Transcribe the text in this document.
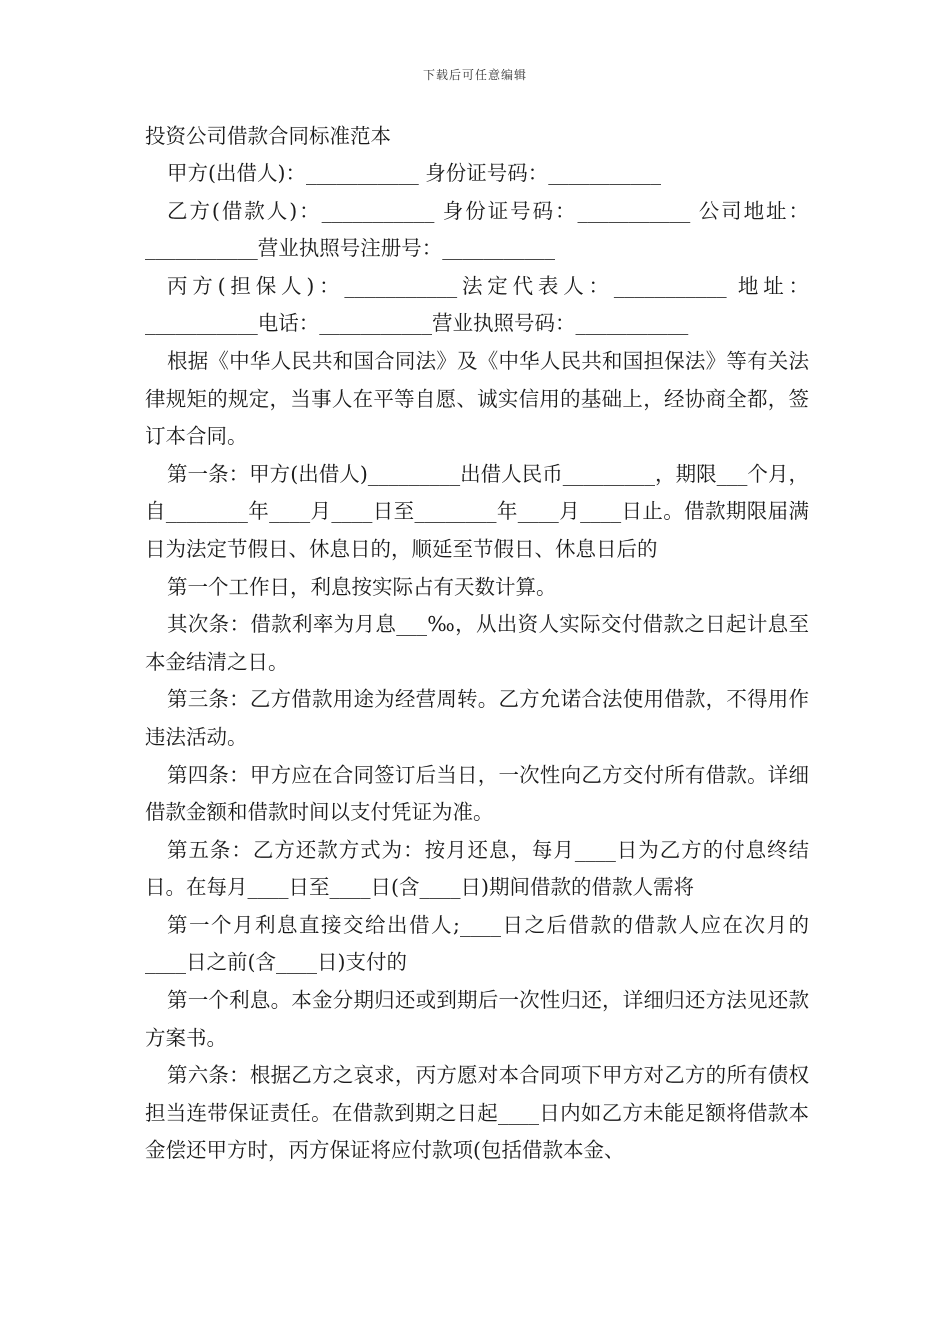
下载后可任意编辑

投资公司借款合同标准范本

甲方(出借人)：___________ 身份证号码：___________

乙方(借款人)：___________ 身份证号码：___________ 公司地址：___________营业执照号注册号：___________

丙方(担保人)：___________法定代表人：___________ 地址：___________电话：___________营业执照号码：___________

根据《中华人民共和国合同法》及《中华人民共和国担保法》等有关法律规矩的规定，当事人在平等自愿、诚实信用的基础上，经协商全都，签订本合同。

第一条：甲方(出借人)_________出借人民币_________，期限___个月，自________年____月____日至________年____月____日止。借款期限届满日为法定节假日、休息日的，顺延至节假日、休息日后的

第一个工作日，利息按实际占有天数计算。

其次条：借款利率为月息___‰，从出资人实际交付借款之日起计息至本金结清之日。

第三条：乙方借款用途为经营周转。乙方允诺合法使用借款，不得用作违法活动。

第四条：甲方应在合同签订后当日，一次性向乙方交付所有借款。详细借款金额和借款时间以支付凭证为准。

第五条：乙方还款方式为：按月还息，每月____日为乙方的付息终结日。在每月____日至____日(含____日)期间借款的借款人需将

第一个月利息直接交给出借人;____日之后借款的借款人应在次月的____日之前(含____日)支付的

第一个利息。本金分期归还或到期后一次性归还，详细归还方法见还款方案书。

第六条：根据乙方之哀求，丙方愿对本合同项下甲方对乙方的所有债权担当连带保证责任。在借款到期之日起____日内如乙方未能足额将借款本金偿还甲方时，丙方保证将应付款项(包括借款本金、
